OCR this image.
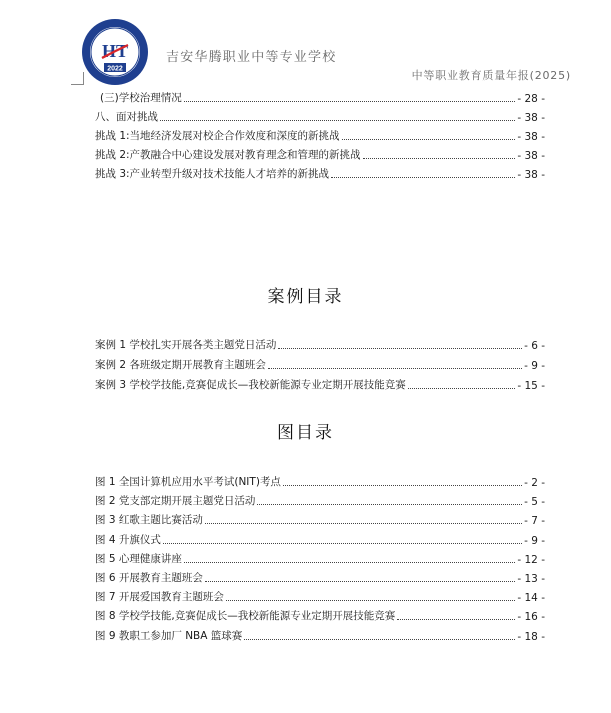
HT
2022
吉安华腾职业中等专业学校
中等职业教育质量年报(2025)
(三)学校治理情况	- 28 -
八、面对挑战	- 38 -
挑战 1:当地经济发展对校企合作效度和深度的新挑战	- 38 -
挑战 2:产教融合中心建设发展对教育理念和管理的新挑战	- 38 -
挑战 3:产业转型升级对技术技能人才培养的新挑战	- 38 -
案例目录
案例 1 学校扎实开展各类主题党日活动	- 6 -
案例 2 各班级定期开展教育主题班会	- 9 -
案例 3 学校学技能,竞赛促成长—我校新能源专业定期开展技能竞赛	- 15 -
图目录
图 1 全国计算机应用水平考试(NIT)考点	- 2 -
图 2 党支部定期开展主题党日活动	- 5 -
图 3 红歌主题比赛活动	- 7 -
图 4 升旗仪式	- 9 -
图 5 心理健康讲座	- 12 -
图 6 开展教育主题班会	- 13 -
图 7 开展爱国教育主题班会	- 14 -
图 8 学校学技能,竞赛促成长—我校新能源专业定期开展技能竞赛	- 16 -
图 9 教职工参加厂 NBA 篮球赛	- 18 -
